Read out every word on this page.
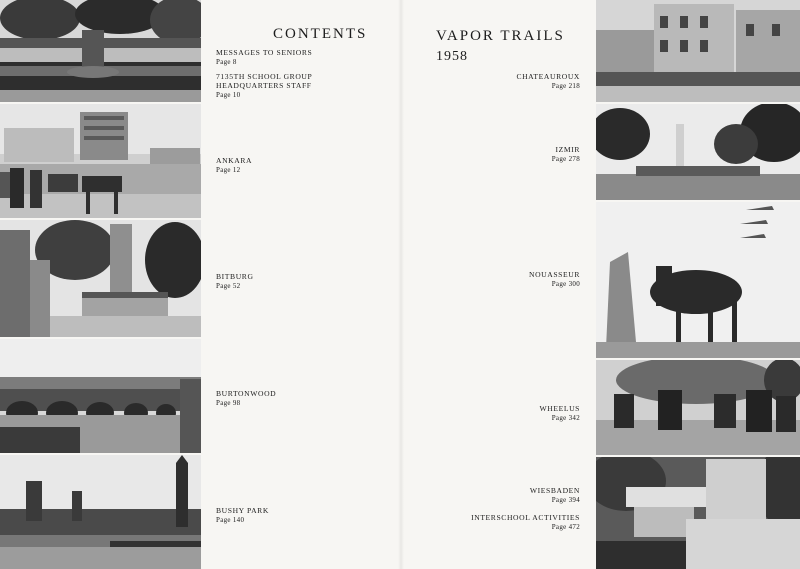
CONTENTS
MESSAGES TO SENIORS
Page 8
7135TH SCHOOL GROUP HEADQUARTERS STAFF
Page 10
ANKARA
Page 12
BITBURG
Page 52
BURTONWOOD
Page 98
BUSHY PARK
Page 140
VAPOR TRAILS
1958
CHATEAUROUX
Page 218
IZMIR
Page 278
NOUASSEUR
Page 300
WHEELUS
Page 342
WIESBADEN
Page 394
INTERSCHOOL ACTIVITIES
Page 472
